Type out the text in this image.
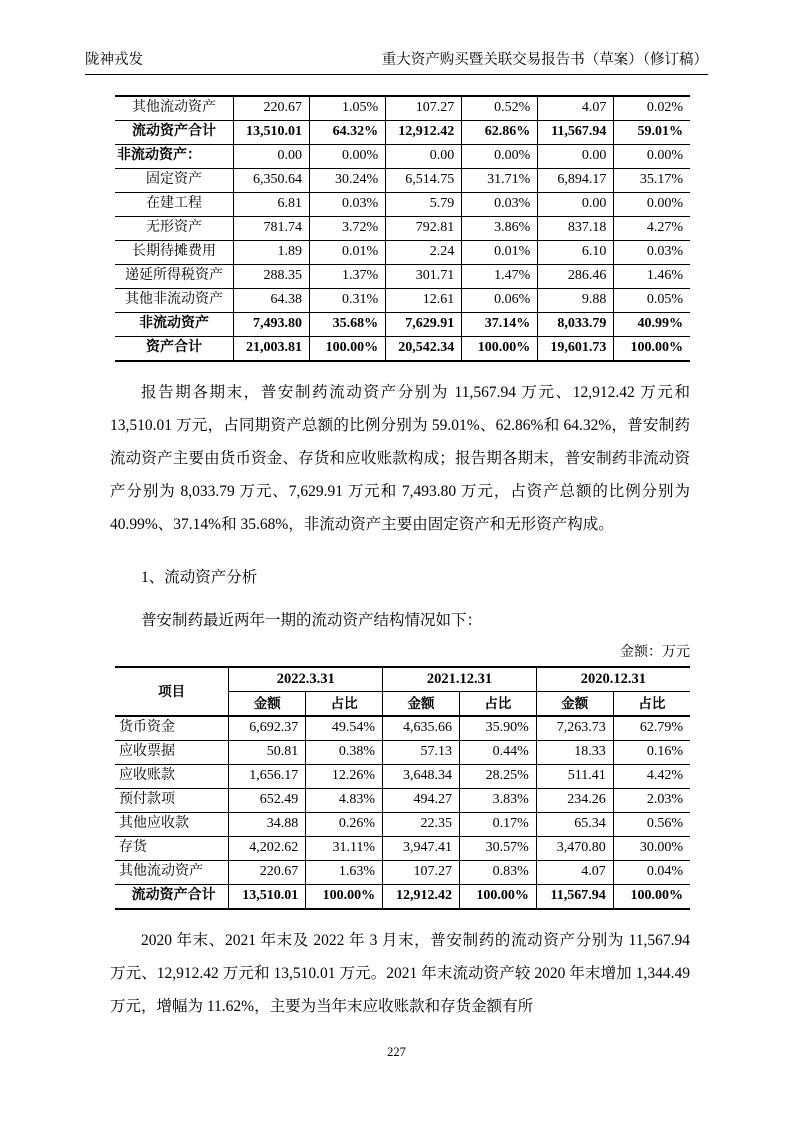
陇神戎发	重大资产购买暨关联交易报告书（草案）（修订稿）
其他流动资产	220.67	1.05%	107.27	0.52%	4.07	0.02%
流动资产合计	13,510.01	64.32%	12,912.42	62.86%	11,567.94	59.01%
非流动资产：	0.00	0.00%	0.00	0.00%	0.00	0.00%
固定资产	6,350.64	30.24%	6,514.75	31.71%	6,894.17	35.17%
在建工程	6.81	0.03%	5.79	0.03%	0.00	0.00%
无形资产	781.74	3.72%	792.81	3.86%	837.18	4.27%
长期待摊费用	1.89	0.01%	2.24	0.01%	6.10	0.03%
递延所得税资产	288.35	1.37%	301.71	1.47%	286.46	1.46%
其他非流动资产	64.38	0.31%	12.61	0.06%	9.88	0.05%
非流动资产	7,493.80	35.68%	7,629.91	37.14%	8,033.79	40.99%
资产合计	21,003.81	100.00%	20,542.34	100.00%	19,601.73	100.00%

报告期各期末，普安制药流动资产分别为 11,567.94 万元、12,912.42 万元和 13,510.01 万元，占同期资产总额的比例分别为 59.01%、62.86%和 64.32%，普安制药流动资产主要由货币资金、存货和应收账款构成；报告期各期末，普安制药非流动资产分别为 8,033.79 万元、7,629.91 万元和 7,493.80 万元，占资产总额的比例分别为 40.99%、37.14%和 35.68%，非流动资产主要由固定资产和无形资产构成。

1、流动资产分析
普安制药最近两年一期的流动资产结构情况如下：
金额：万元
项目	2022.3.31		2021.12.31		2020.12.31	
	金额	占比	金额	占比	金额	占比
货币资金	6,692.37	49.54%	4,635.66	35.90%	7,263.73	62.79%
应收票据	50.81	0.38%	57.13	0.44%	18.33	0.16%
应收账款	1,656.17	12.26%	3,648.34	28.25%	511.41	4.42%
预付款项	652.49	4.83%	494.27	3.83%	234.26	2.03%
其他应收款	34.88	0.26%	22.35	0.17%	65.34	0.56%
存货	4,202.62	31.11%	3,947.41	30.57%	3,470.80	30.00%
其他流动资产	220.67	1.63%	107.27	0.83%	4.07	0.04%
流动资产合计	13,510.01	100.00%	12,912.42	100.00%	11,567.94	100.00%

2020 年末、2021 年末及 2022 年 3 月末，普安制药的流动资产分别为 11,567.94 万元、12,912.42 万元和 13,510.01 万元。2021 年末流动资产较 2020 年末增加 1,344.49 万元，增幅为 11.62%，主要为当年末应收账款和存货金额有所

227
